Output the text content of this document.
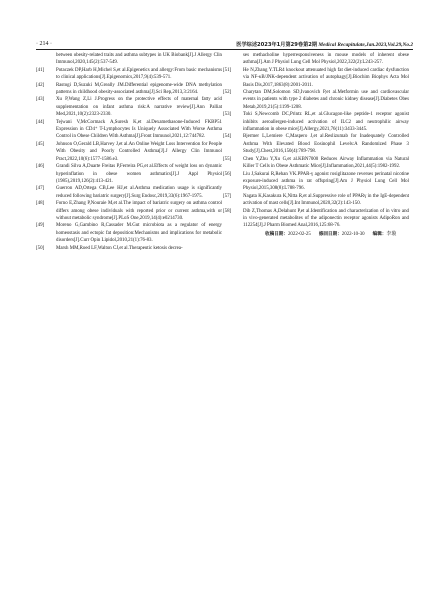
· 214 ·	医学综述2023年1月第29卷第2期 Medical Recapitulate,Jan.2023,Vol.29,No.2
between obesity-related traits and asthma subtypes in UK Biobank[J].J Allergy Clin Immunol,2020,145(2):537-549.
[41]	Potaczek DP,Harb H,Michel S,et al.Epigenetics and allergy:From basic mechanisms to clinical applications[J].Epigenomics,2017,9(4):539-571.
[42]	Rastogi D,Suzuki M,Greally JM.Differential epigenome-wide DNA methylation patterns in childhood obesity-associated asthma[J].Sci Rep,2013,3:2164.
[43]	Xu P,Wang Z,Li J.Progress on the protective effects of maternal fatty acid supplementation on infant asthma risk:A narrative review[J].Ann Palliat Med,2021,10(2):2323-2330.
[44]	Tejwani V,McCormack A,Suresh K,et al.Dexamethasone-Induced FKBP51 Expression in CD4⁺ T-Lymphocytes Is Uniquely Associated With Worse Asthma Control in Obese Children With Asthma[J].Front Immunol,2021,12:744782.
[45]	Johnson O,Gerald LB,Harvey J,et al.An Online Weight Loss Intervention for People With Obesity and Poorly Controlled Asthma[J].J Allergy Clin Immunol Pract,2022,10(6):1577-1586.e3.
[46]	Grandi Silva A,Duarte Freitas P,Ferreira PG,et al.Effects of weight loss on dynamic hyperinflation in obese women asthmatics[J].J Appl Physiol (1985),2019,126(2):413-421.
[47]	Guerron AD,Ortega CB,Lee HJ,et al.Asthma medication usage is significantly reduced following bariatric surgery[J].Surg Endosc,2019,33(6):1967-1975.
[48]	Forno E,Zhang P,Nouraie M,et al.The impact of bariatric surgery on asthma control differs among obese individuals with reported prior or current asthma,with or without metabolic syndrome[J].PLoS One,2019,14(4):e0214730.
[49]	Moreno G,Gambino R,Cassader M.Gut microbiota as a regulator of energy homeostasis and ectopic fat deposition:Mechanisms and implications for metabolic disorders[J].Curr Opin Lipidol,2010,21(1):76-83.
[50]	Marsh MM,Roed LF,Walton CJ,et al.Therapeutic ketosis decrea-
ses methacholine hyperresponsiveness in mouse models of inherent obese asthma[J].Am J Physiol Lung Cell Mol Physiol,2022,322(2):L243-257.
[51]	He N,Zhang Y.TLR4 knockout attenuated high fat diet-induced cardiac dysfunction via NF-κB/JNK-dependent activation of autophagy[J].Biochim Biophys Acta Mol Basis Dis,2017,1863(8):2001-2011.
[52]	Charytan DM,Solomon SD,Ivanovich P,et al.Metformin use and cardiovascular events in patients with type 2 diabetes and chronic kidney disease[J].Diabetes Obes Metab,2019,21(5):1199-1208.
[53]	Toki S,Newcomb DC,Printz RL,et al.Glucagon-like peptide-1 receptor agonist inhibits aeroallergen-induced activation of ILC2 and neutrophilic airway inflammation in obese mice[J].Allergy,2021,76(11):3433-3445.
[54]	Bjermer L,Lemiere C,Maspero J,et al.Reslizumab for Inadequately Controlled Asthma With Elevated Blood Eosinophil Levels:A Randomized Phase 3 Study[J].Chest,2016,150(4):789-798.
[55]	Chen Y,Zhu Y,Xu G,et al.KBN7000 Reduces Airway Inflammation via Natural Killer T Cells in Obese Asthmatic Mice[J].Inflammation,2021,44(5):1982-1992.
[56]	Liu J,Sakurai R,Rehan VK.PPAR-γ agonist rosiglitazone reverses perinatal nicotine exposure-induced asthma in rat offspring[J].Am J Physiol Lung Cell Mol Physiol,2015,308(8):L788-796.
[57]	Nagata K,Kasakura K,Nitta R,et al.Suppressive role of PPARγ in the IgE-dependent activation of mast cells[J].Int Immunol,2020,32(2):143-150.
[58]	Dib Z,Thomas A,Delahunt P,et al.Identification and characterization of in vitro and in vivo-generated metabolites of the adiponectin receptor agonists AdipoRon and 112254[J].J Pharm Biomed Anal,2016,125:68-76.
收稿日期：2022-02-25 修回日期：2022-10-30 编辑：李璇
